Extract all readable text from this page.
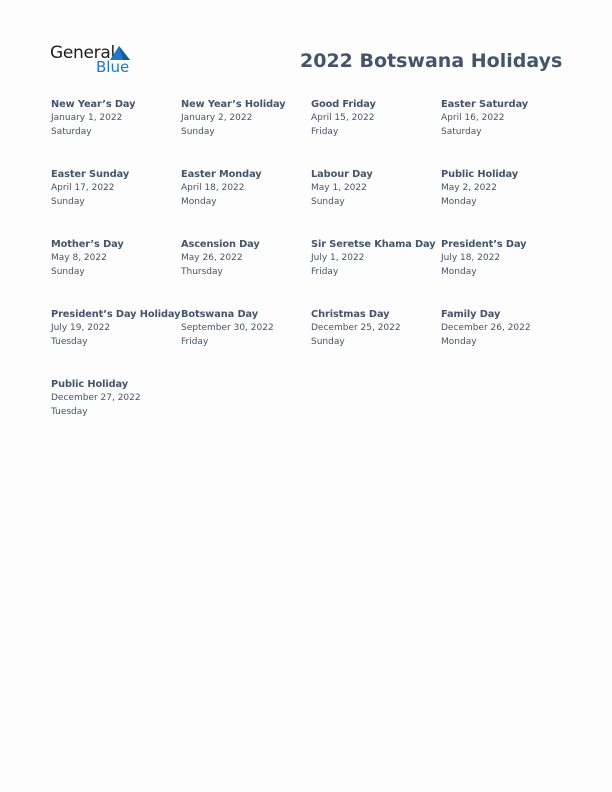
General
Blue	2022 Botswana Holidays
New Year’s Day
January 1, 2022
Saturday
New Year’s Holiday
January 2, 2022
Sunday
Good Friday
April 15, 2022
Friday
Easter Saturday
April 16, 2022
Saturday
Easter Sunday
April 17, 2022
Sunday
Easter Monday
April 18, 2022
Monday
Labour Day
May 1, 2022
Sunday
Public Holiday
May 2, 2022
Monday
Mother’s Day
May 8, 2022
Sunday
Ascension Day
May 26, 2022
Thursday
Sir Seretse Khama Day
July 1, 2022
Friday
President’s Day
July 18, 2022
Monday
President’s Day Holiday
July 19, 2022
Tuesday
Botswana Day
September 30, 2022
Friday
Christmas Day
December 25, 2022
Sunday
Family Day
December 26, 2022
Monday
Public Holiday
December 27, 2022
Tuesday
